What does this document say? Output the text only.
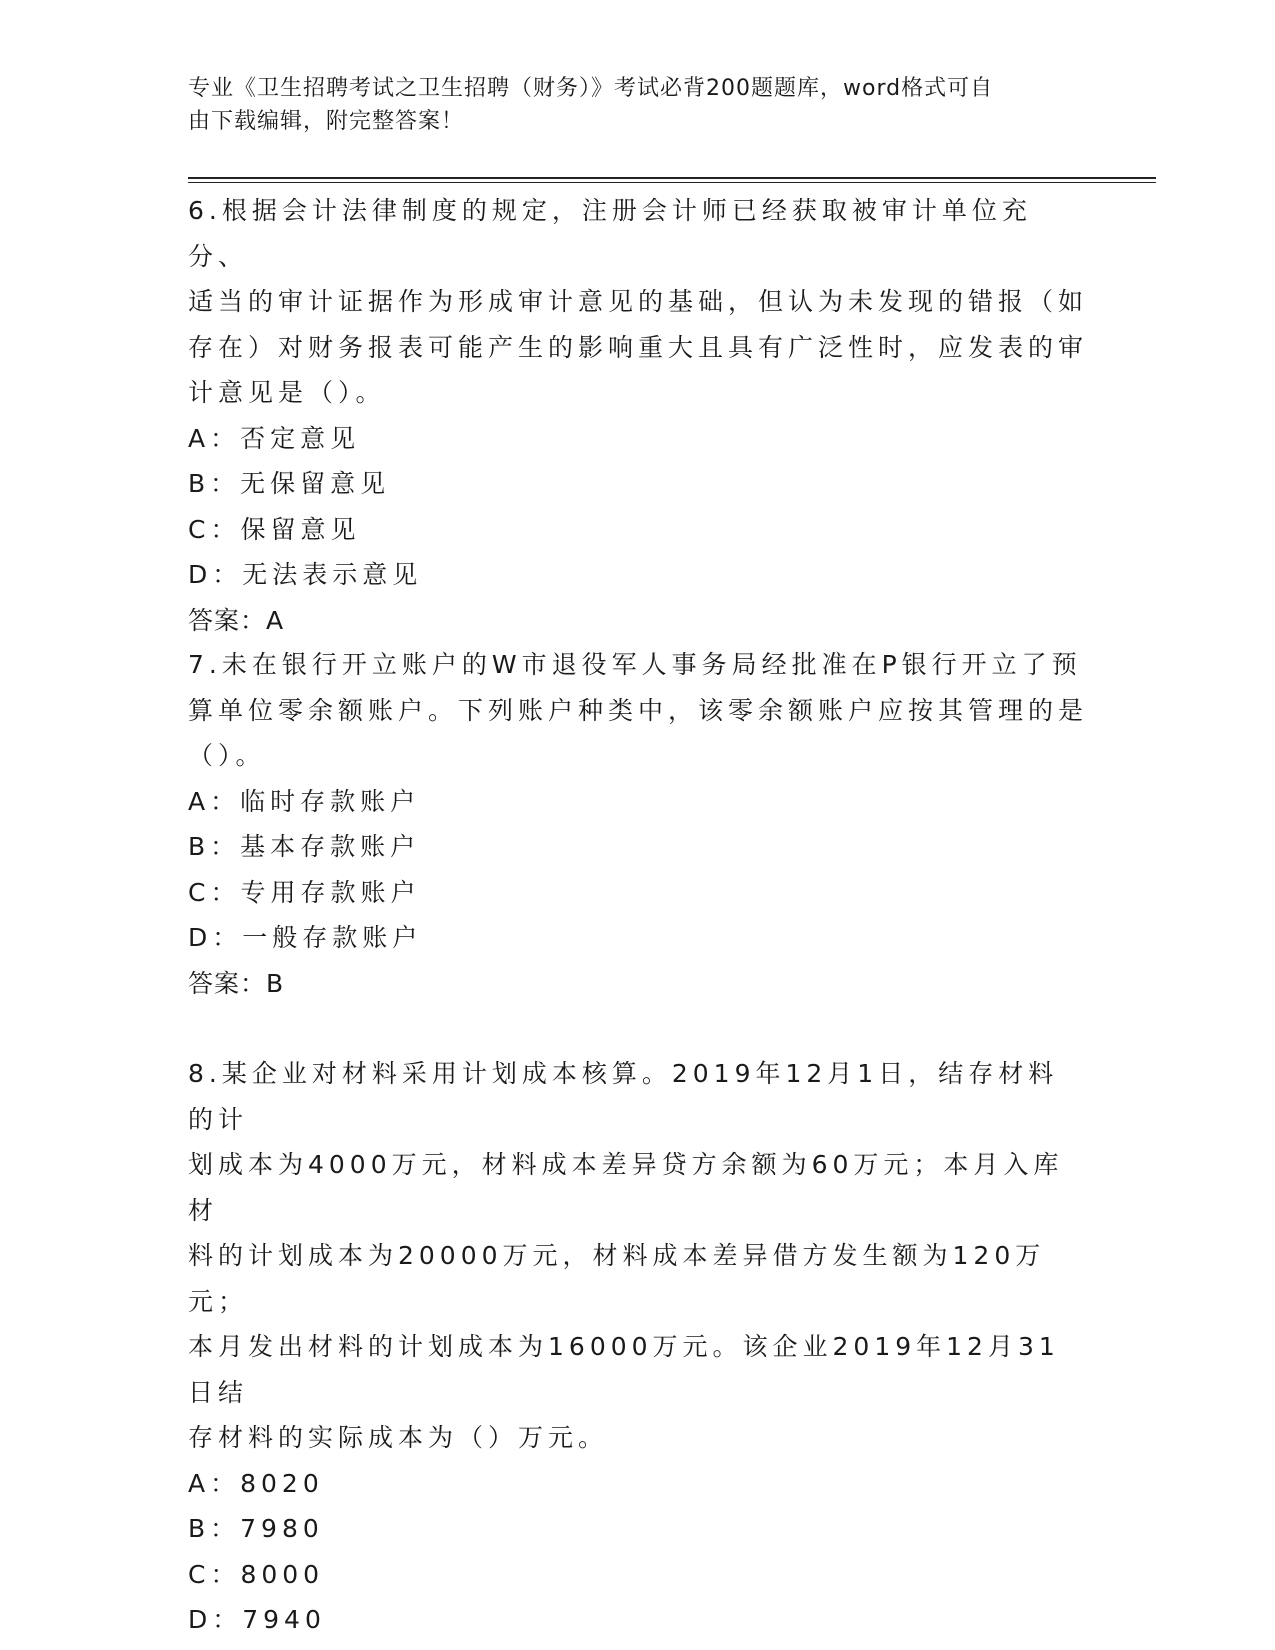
专业《卫生招聘考试之卫生招聘（财务）》考试必背200题题库，word格式可自
由下载编辑，附完整答案！

6.根据会计法律制度的规定，注册会计师已经获取被审计单位充分、

适当的审计证据作为形成审计意见的基础，但认为未发现的错报（如

存在）对财务报表可能产生的影响重大且具有广泛性时，应发表的审

计意见是（）。

A：否定意见

B：无保留意见

C：保留意见

D：无法表示意见

答案：A

7.未在银行开立账户的W市退役军人事务局经批准在P银行开立了预

算单位零余额账户。下列账户种类中，该零余额账户应按其管理的是

（）。

A：临时存款账户

B：基本存款账户

C：专用存款账户

D：一般存款账户

答案：B

8.某企业对材料采用计划成本核算。2019年12月1日，结存材料的计

划成本为4000万元，材料成本差异贷方余额为60万元；本月入库材

料的计划成本为20000万元，材料成本差异借方发生额为120万元；

本月发出材料的计划成本为16000万元。该企业2019年12月31日结

存材料的实际成本为（）万元。

A：8020

B：7980

C：8000

D：7940
